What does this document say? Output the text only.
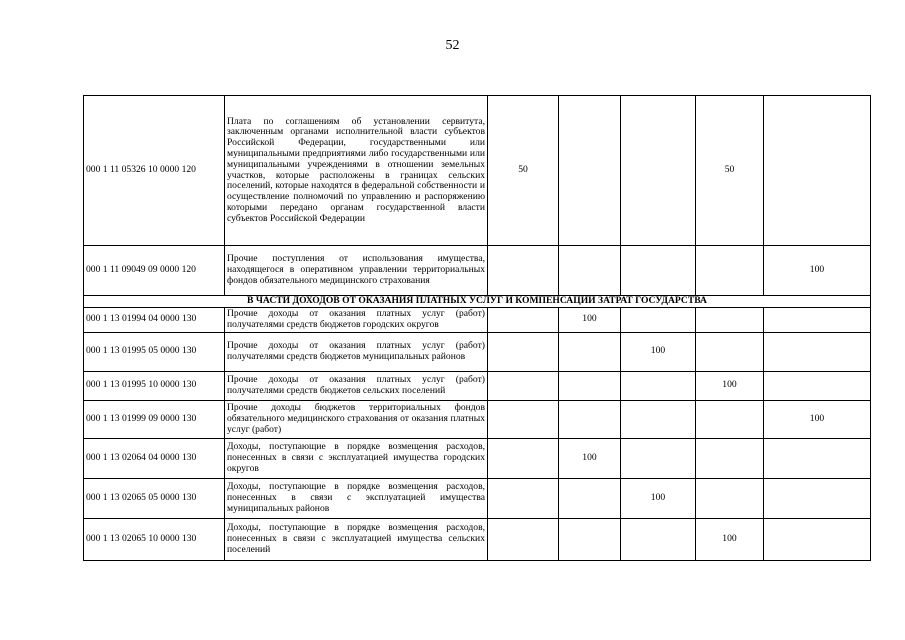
52
000 1 11 05326 10 0000 120	Плата по соглашениям об установлении сервитута, заключенным органами исполнительной власти субъектов Российской Федерации, государственными или муниципальными предприятиями либо государственными или муниципальными учреждениями в отношении земельных участков, которые расположены в границах сельских поселений, которые находятся в федеральной собственности и осуществление полномочий по управлению и распоряжению которыми передано органам государственной власти субъектов Российской Федерации	50			50	
000 1 11 09049 09 0000 120	Прочие поступления от использования имущества, находящегося в оперативном управлении территориальных фондов обязательного медицинского страхования					100
В ЧАСТИ ДОХОДОВ ОТ ОКАЗАНИЯ ПЛАТНЫХ УСЛУГ И КОМПЕНСАЦИИ ЗАТРАТ ГОСУДАРСТВА						
000 1 13 01994 04 0000 130	Прочие доходы от оказания платных услуг (работ) получателями средств бюджетов городских округов		100			
000 1 13 01995 05 0000 130	Прочие доходы от оказания платных услуг (работ) получателями средств бюджетов муниципальных районов			100		
000 1 13 01995 10 0000 130	Прочие доходы от оказания платных услуг (работ) получателями средств бюджетов сельских поселений				100	
000 1 13 01999 09 0000 130	Прочие доходы бюджетов территориальных фондов обязательного медицинского страхования от оказания платных услуг (работ)					100
000 1 13 02064 04 0000 130	Доходы, поступающие в порядке возмещения расходов, понесенных в связи с эксплуатацией имущества городских округов		100			
000 1 13 02065 05 0000 130	Доходы, поступающие в порядке возмещения расходов, понесенных в связи с эксплуатацией имущества муниципальных районов			100		
000 1 13 02065 10 0000 130	Доходы, поступающие в порядке возмещения расходов, понесенных в связи с эксплуатацией имущества сельских поселений				100	
